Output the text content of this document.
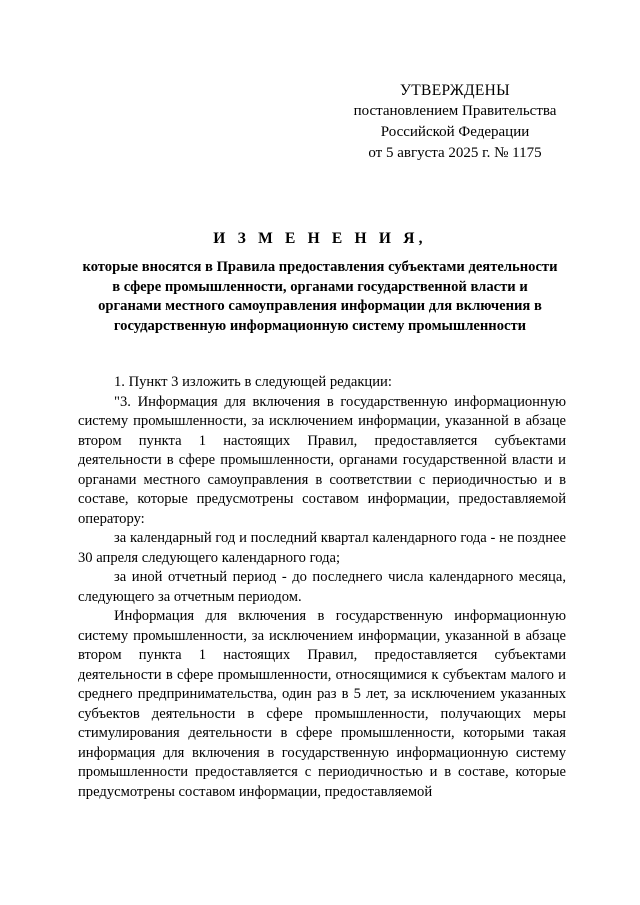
УТВЕРЖДЕНЫ
постановлением Правительства
Российской Федерации
от 5 августа 2025 г. № 1175
И З М Е Н Е Н И Я,
которые вносятся в Правила предоставления субъектами деятельности в сфере промышленности, органами государственной власти и органами местного самоуправления информации для включения в государственную информационную систему промышленности

1. Пункт 3 изложить в следующей редакции:

"3. Информация для включения в государственную информационную систему промышленности, за исключением информации, указанной в абзаце втором пункта 1 настоящих Правил, предоставляется субъектами деятельности в сфере промышленности, органами государственной власти и органами местного самоуправления в соответствии с периодичностью и в составе, которые предусмотрены составом информации, предоставляемой оператору:

за календарный год и последний квартал календарного года - не позднее 30 апреля следующего календарного года;

за иной отчетный период - до последнего числа календарного месяца, следующего за отчетным периодом.

Информация для включения в государственную информационную систему промышленности, за исключением информации, указанной в абзаце втором пункта 1 настоящих Правил, предоставляется субъектами деятельности в сфере промышленности, относящимися к субъектам малого и среднего предпринимательства, один раз в 5 лет, за исключением указанных субъектов деятельности в сфере промышленности, получающих меры стимулирования деятельности в сфере промышленности, которыми такая информация для включения в государственную информационную систему промышленности предоставляется с периодичностью и в составе, которые предусмотрены составом информации, предоставляемой
